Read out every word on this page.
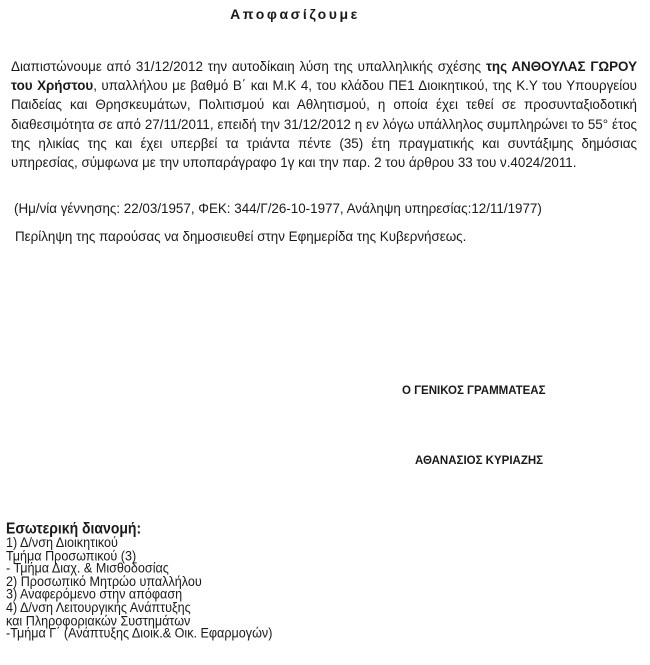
Αποφασίζουμε
Διαπιστώνουμε από 31/12/2012 την αυτοδίκαιη λύση της υπαλληλικής σχέσης της ΑΝΘΟΥΛΑΣ ΓΩΡΟΥ του Χρήστου, υπαλλήλου με βαθμό Β΄ και Μ.Κ 4, του κλάδου ΠΕ1 Διοικητικού, της Κ.Υ του Υπουργείου Παιδείας και Θρησκευμάτων, Πολιτισμού και Αθλητισμού, η οποία έχει τεθεί σε προσυνταξιοδοτική διαθεσιμότητα σε από 27/11/2011, επειδή την 31/12/2012 η εν λόγω υπάλληλος συμπληρώνει το 55° έτος της ηλικίας της και έχει υπερβεί τα τριάντα πέντε (35) έτη πραγματικής και συντάξιμης δημόσιας υπηρεσίας, σύμφωνα με την υποπαράγραφο 1γ και την παρ. 2 του άρθρου 33 του ν.4024/2011.
(Ημ/νία γέννησης: 22/03/1957, ΦΕΚ: 344/Γ/26-10-1977, Ανάληψη υπηρεσίας:12/11/1977)
Περίληψη της παρούσας να δημοσιευθεί στην Εφημερίδα της Κυβερνήσεως.
Ο ΓΕΝΙΚΟΣ ΓΡΑΜΜΑΤΕΑΣ
ΑΘΑΝΑΣΙΟΣ ΚΥΡΙΑΖΗΣ
Εσωτερική διανομή:
1) Δ/νση Διοικητικού
Τμήμα Προσωπικού (3)
- Τμήμα Διαχ. & Μισθοδοσίας
2) Προσωπικό Μητρώο υπαλλήλου
3) Αναφερόμενο στην απόφαση
4) Δ/νση Λειτουργικής Ανάπτυξης
και Πληροφοριακών Συστημάτων
-Τμήμα Γ΄ (Ανάπτυξης Διοικ.& Οικ. Εφαρμογών)
